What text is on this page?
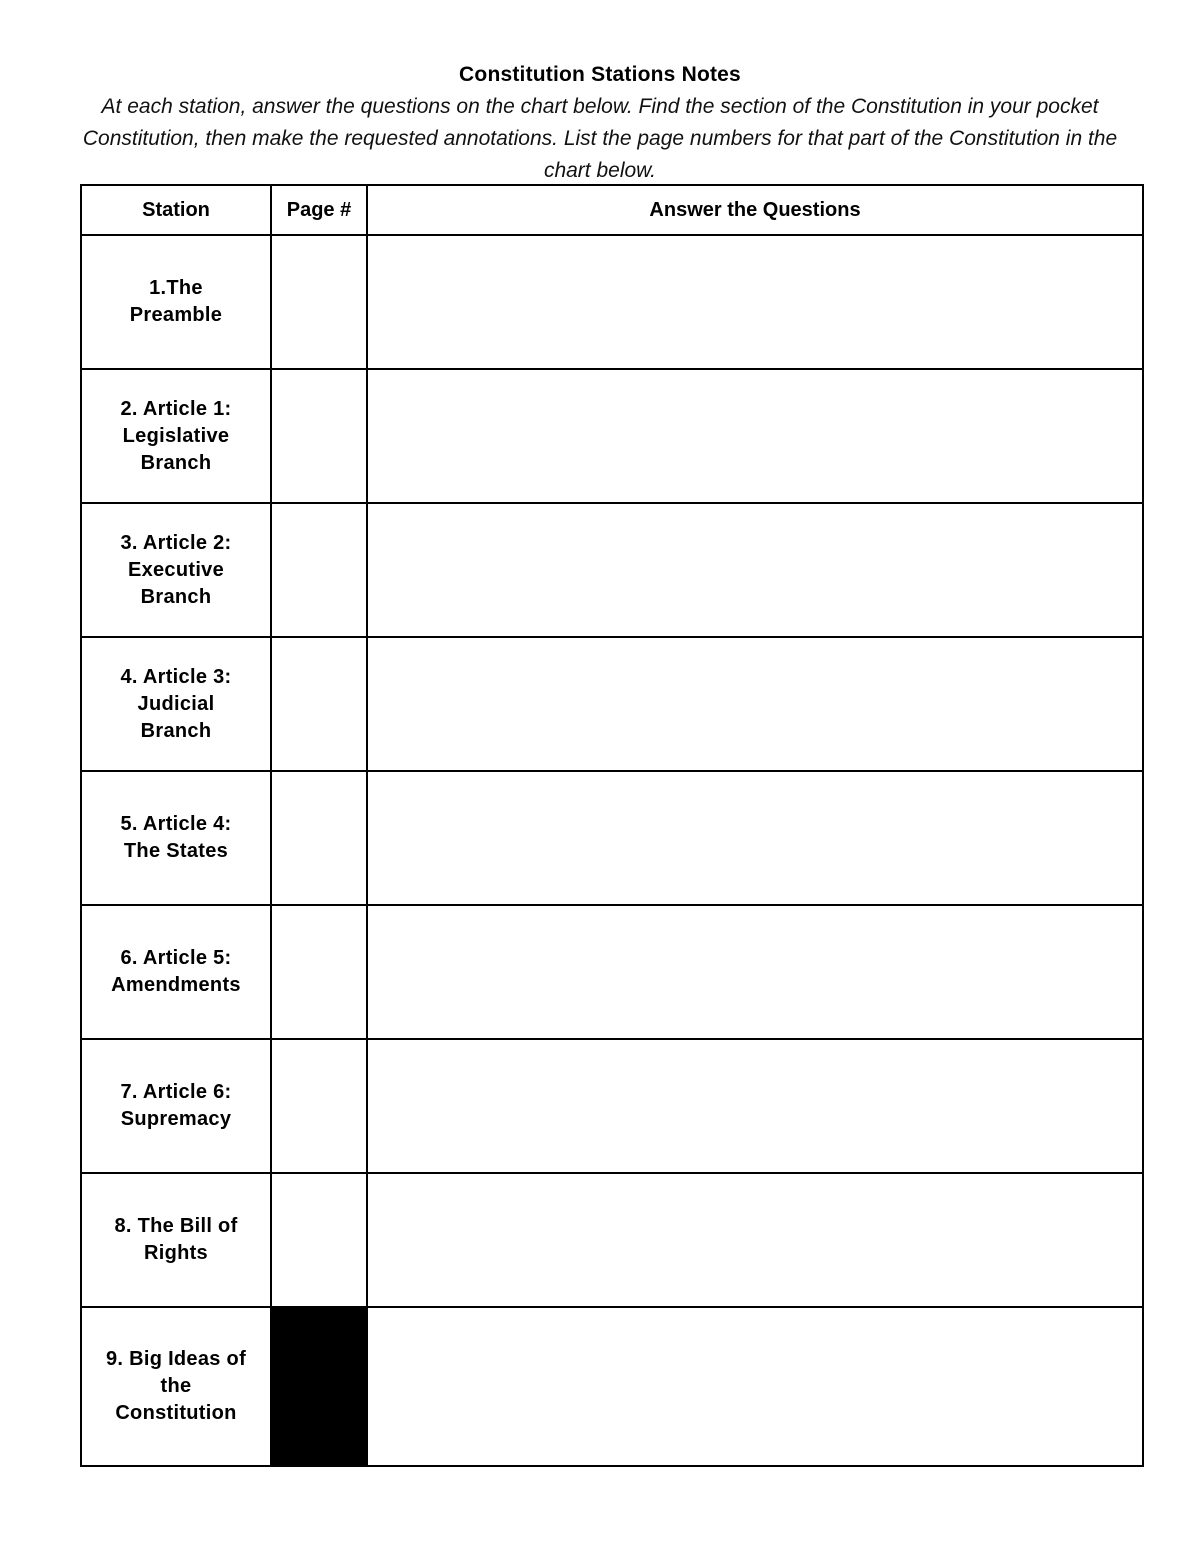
Constitution Stations Notes
At each station, answer the questions on the chart below. Find the section of the Constitution in your pocket Constitution, then make the requested annotations. List the page numbers for that part of the Constitution in the chart below.
Station	Page #	Answer the Questions
1.The
Preamble		
2. Article 1:
Legislative
Branch		
3. Article 2:
Executive
Branch		
4. Article 3:
Judicial
Branch		
5. Article 4:
The States		
6. Article 5:
Amendments		
7. Article 6:
Supremacy		
8. The Bill of
Rights		
9. Big Ideas of
the
Constitution		
